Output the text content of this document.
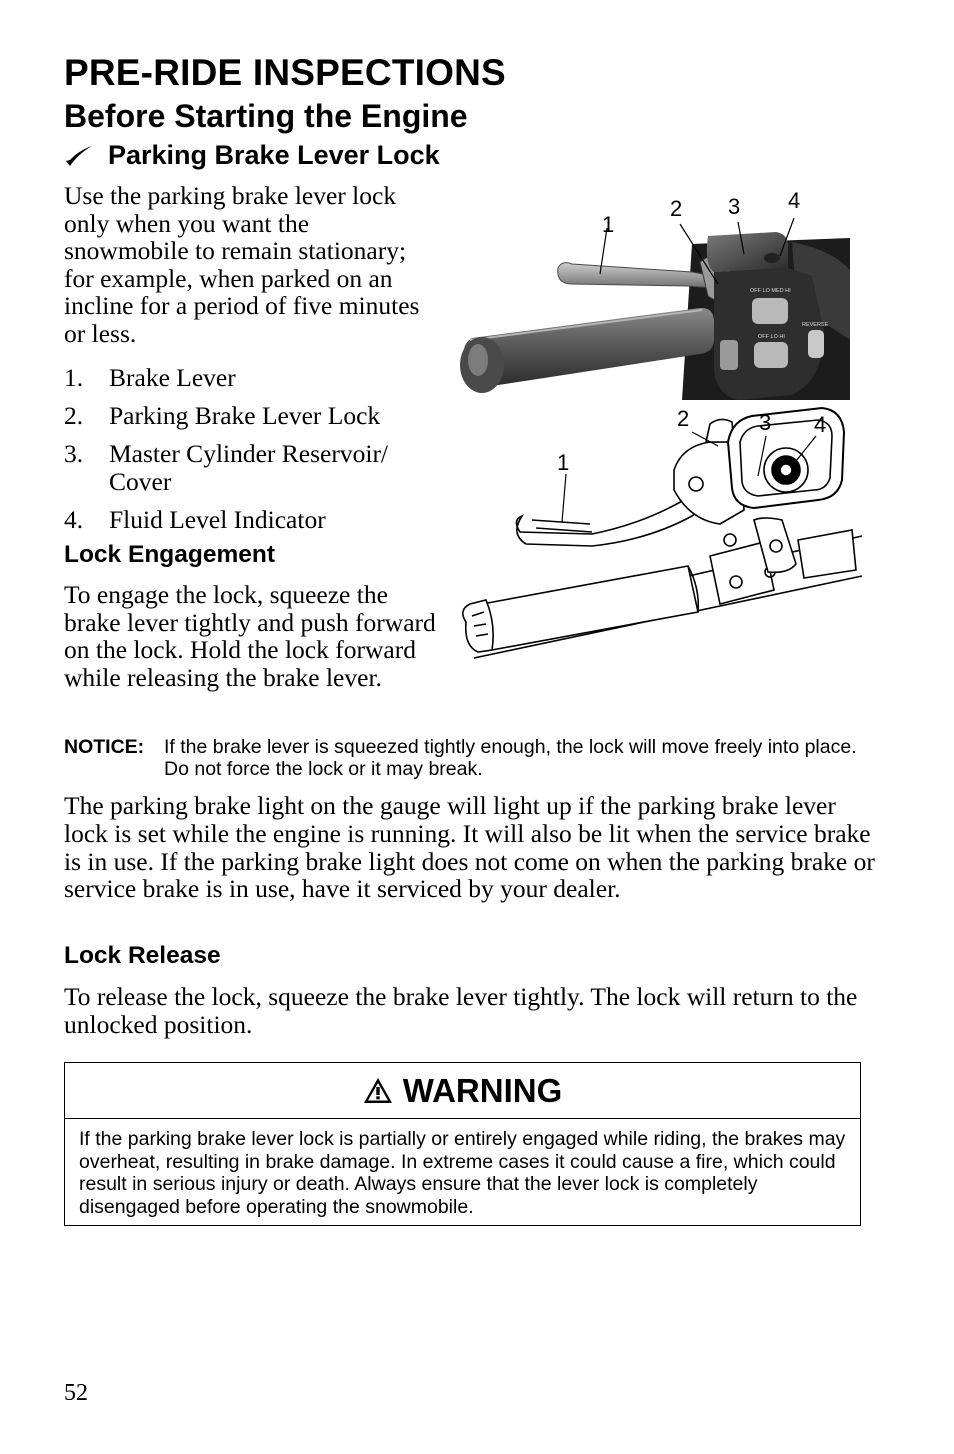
PRE-RIDE INSPECTIONS
Before Starting the Engine
Parking Brake Lever Lock
Use the parking brake lever lock only when you want the snowmobile to remain stationary; for example, when parked on an incline for a period of five minutes or less.
1.	Brake Lever
2.	Parking Brake Lever Lock
3.	Master Cylinder Reservoir/ Cover
4.	Fluid Level Indicator
Lock Engagement
To engage the lock, squeeze the brake lever tightly and push forward on the lock. Hold the lock forward while releasing the brake lever.
NOTICE:	If the brake lever is squeezed tightly enough, the lock will move freely into place. Do not force the lock or it may break.
The parking brake light on the gauge will light up if the parking brake lever lock is set while the engine is running. It will also be lit when the service brake is in use. If the parking brake light does not come on when the parking brake or service brake is in use, have it serviced by your dealer.
Lock Release
To release the lock, squeeze the brake lever tightly. The lock will return to the unlocked position.
WARNING
If the parking brake lever lock is partially or entirely engaged while riding, the brakes may overheat, resulting in brake damage. In extreme cases it could cause a fire, which could result in serious injury or death. Always ensure that the lever lock is completely disengaged before operating the snowmobile.
52
OFF LO MED HI
REVERSE
OFF LO HI
1
2 3 4
1
2	3 4
